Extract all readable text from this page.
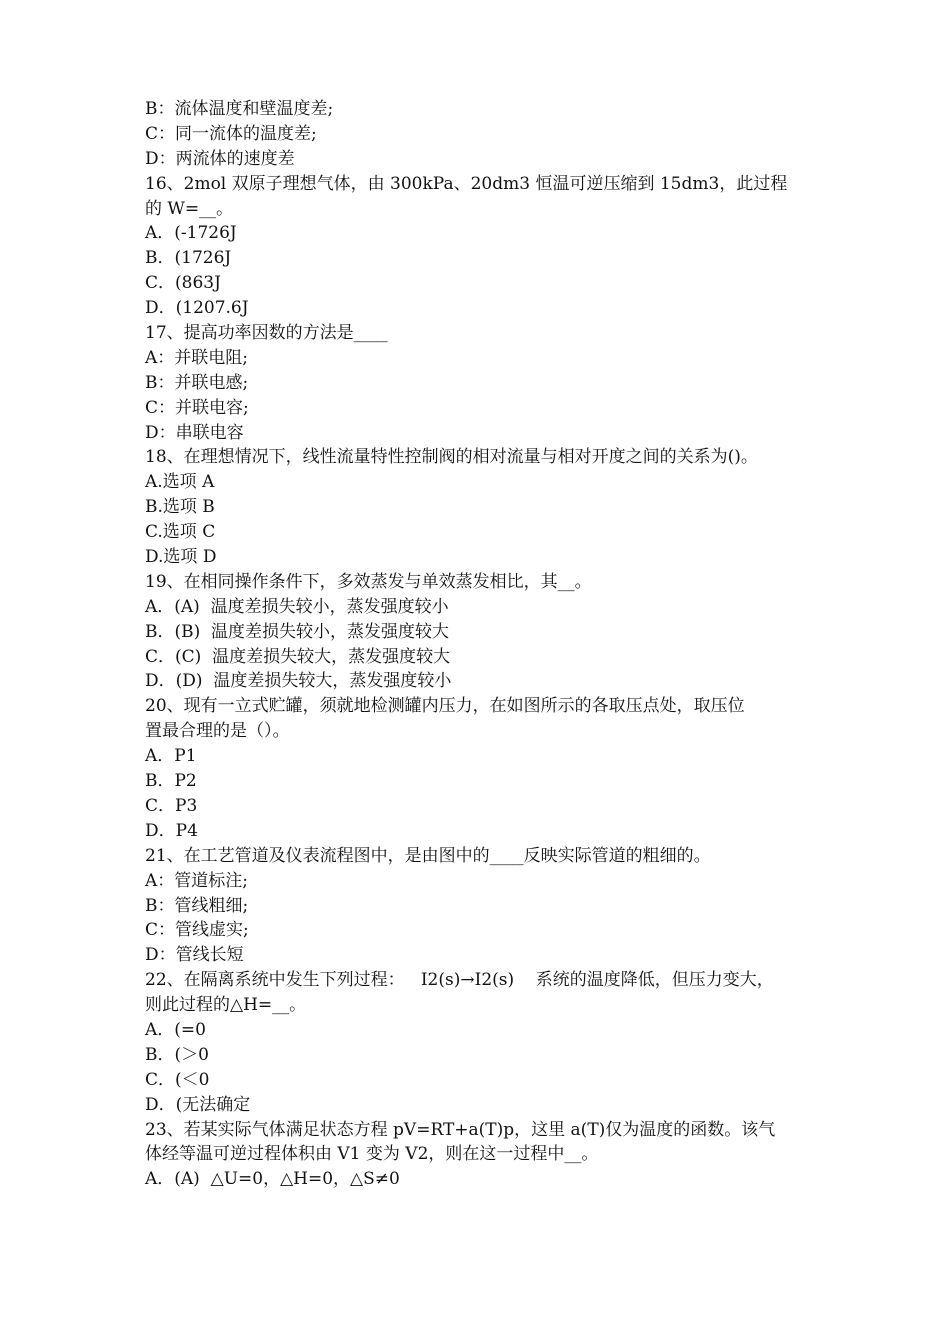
B：流体温度和壁温度差;
C：同一流体的温度差;
D：两流体的速度差
16、2mol 双原子理想气体，由 300kPa、20dm3 恒温可逆压缩到 15dm3，此过程
的 W=__。
A．(-1726J
B．(1726J
C．(863J
D．(1207.6J
17、提高功率因数的方法是____
A：并联电阻;
B：并联电感;
C：并联电容;
D：串联电容
18、在理想情况下，线性流量特性控制阀的相对流量与相对开度之间的关系为()。
A.选项 A
B.选项 B
C.选项 C
D.选项 D
19、在相同操作条件下，多效蒸发与单效蒸发相比，其__。
A．(A)  温度差损失较小，蒸发强度较小
B．(B)  温度差损失较小，蒸发强度较大
C．(C)  温度差损失较大，蒸发强度较大
D．(D)  温度差损失较大，蒸发强度较小
20、现有一立式贮罐，须就地检测罐内压力，在如图所示的各取压点处，取压位
置最合理的是（）。
A．P1
B．P2
C．P3
D．P4
21、在工艺管道及仪表流程图中，是由图中的____反映实际管道的粗细的。
A：管道标注;
B：管线粗细;
C：管线虚实;
D：管线长短
22、在隔离系统中发生下列过程：   I2(s)→I2(s)    系统的温度降低，但压力变大，
则此过程的△H=__。
A．(=0
B．(＞0
C．(＜0
D．(无法确定
23、若某实际气体满足状态方程 pV=RT+a(T)p，这里 a(T)仅为温度的函数。该气
体经等温可逆过程体积由 V1 变为 V2，则在这一过程中__。
A．(A)  △U=0，△H=0，△S≠0
